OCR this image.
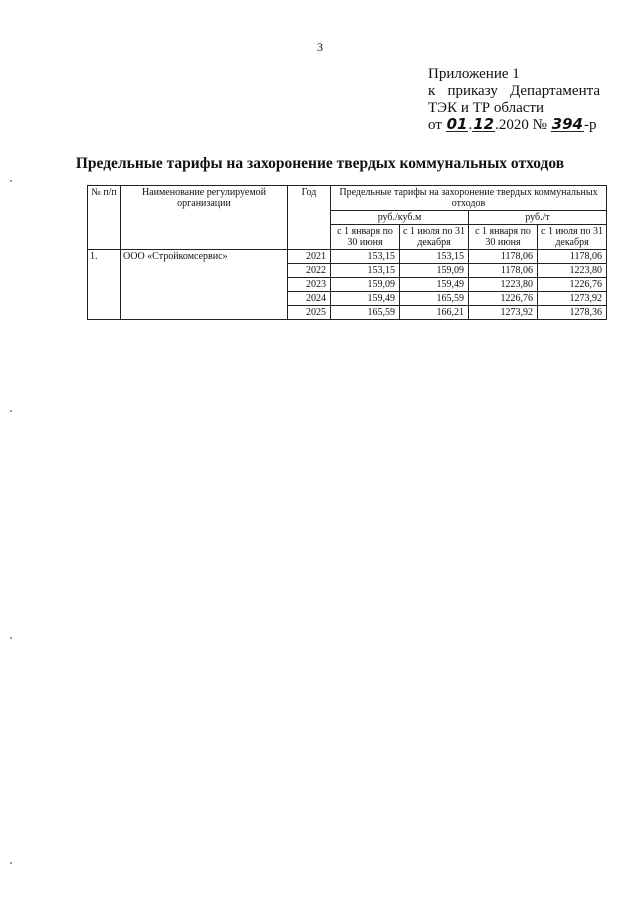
3
Приложение 1
к приказу Департамента
ТЭК и ТР области
от 01.12.2020 № 394-р
Предельные тарифы на захоронение твердых коммунальных отходов
№ п/п	Наименование регулируемой организации	Год	Предельные тарифы на захоронение твердых коммунальных отходов			
			руб./куб.м		руб./т	
			с 1 января по 30 июня	с 1 июля по 31 декабря	с 1 января по 30 июня	с 1 июля по 31 декабря
1.	ООО «Стройкомсервис»	2021	153,15	153,15	1178,06	1178,06
		2022	153,15	159,09	1178,06	1223,80
		2023	159,09	159,49	1223,80	1226,76
		2024	159,49	165,59	1226,76	1273,92
		2025	165,59	166,21	1273,92	1278,36
